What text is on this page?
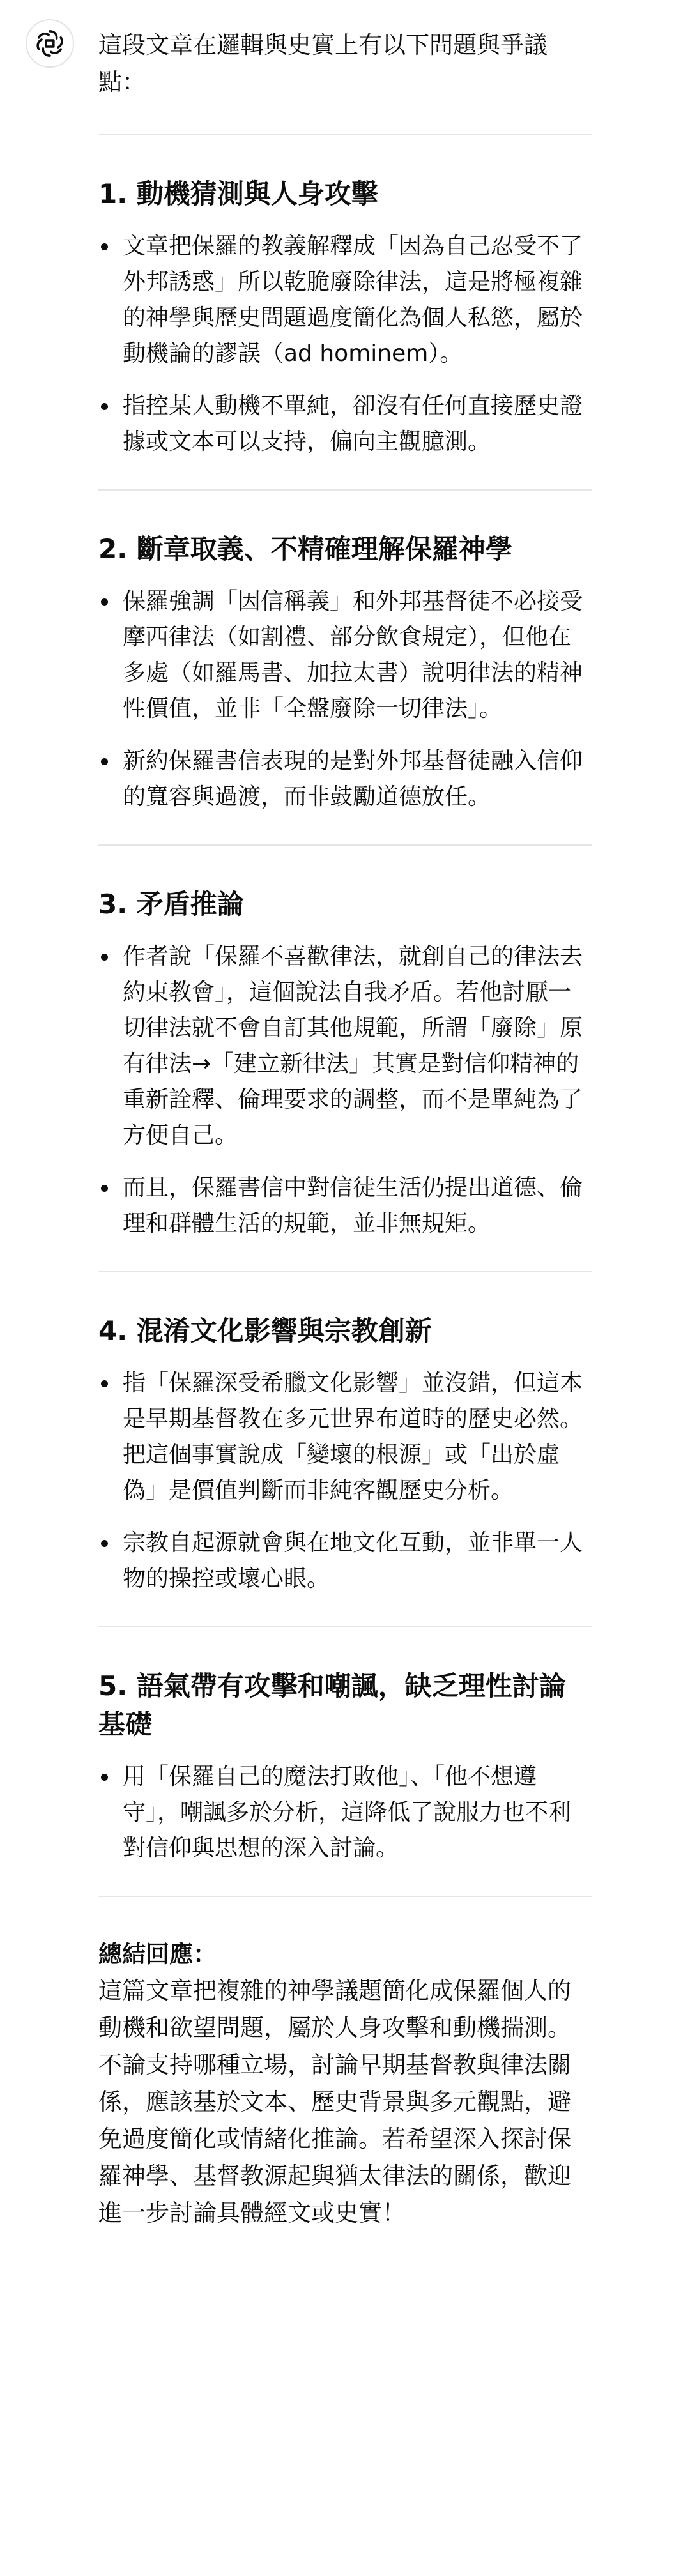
這段文章在邏輯與史實上有以下問題與爭議點：
1. 動機猜測與人身攻擊
文章把保羅的教義解釋成「因為自己忍受不了外邦誘惑」所以乾脆廢除律法，這是將極複雜的神學與歷史問題過度簡化為個人私慾，屬於動機論的謬誤（ad hominem）。
指控某人動機不單純，卻沒有任何直接歷史證據或文本可以支持，偏向主觀臆測。
2. 斷章取義、不精確理解保羅神學
保羅強調「因信稱義」和外邦基督徒不必接受摩西律法（如割禮、部分飲食規定），但他在多處（如羅馬書、加拉太書）說明律法的精神性價值，並非「全盤廢除一切律法」。
新約保羅書信表現的是對外邦基督徒融入信仰的寬容與過渡，而非鼓勵道德放任。
3. 矛盾推論
作者說「保羅不喜歡律法，就創自己的律法去約束教會」，這個說法自我矛盾。若他討厭一切律法就不會自訂其他規範，所謂「廢除」原有律法→「建立新律法」其實是對信仰精神的重新詮釋、倫理要求的調整，而不是單純為了方便自己。
而且，保羅書信中對信徒生活仍提出道德、倫理和群體生活的規範，並非無規矩。
4. 混淆文化影響與宗教創新
指「保羅深受希臘文化影響」並沒錯，但這本是早期基督教在多元世界布道時的歷史必然。把這個事實說成「變壞的根源」或「出於虛偽」是價值判斷而非純客觀歷史分析。
宗教自起源就會與在地文化互動，並非單一人物的操控或壞心眼。
5. 語氣帶有攻擊和嘲諷，缺乏理性討論基礎
用「保羅自己的魔法打敗他」、「他不想遵守」，嘲諷多於分析，這降低了說服力也不利對信仰與思想的深入討論。
總結回應：
這篇文章把複雜的神學議題簡化成保羅個人的動機和欲望問題，屬於人身攻擊和動機揣測。不論支持哪種立場，討論早期基督教與律法關係，應該基於文本、歷史背景與多元觀點，避免過度簡化或情緒化推論。若希望深入探討保羅神學、基督教源起與猶太律法的關係，歡迎進一步討論具體經文或史實！
